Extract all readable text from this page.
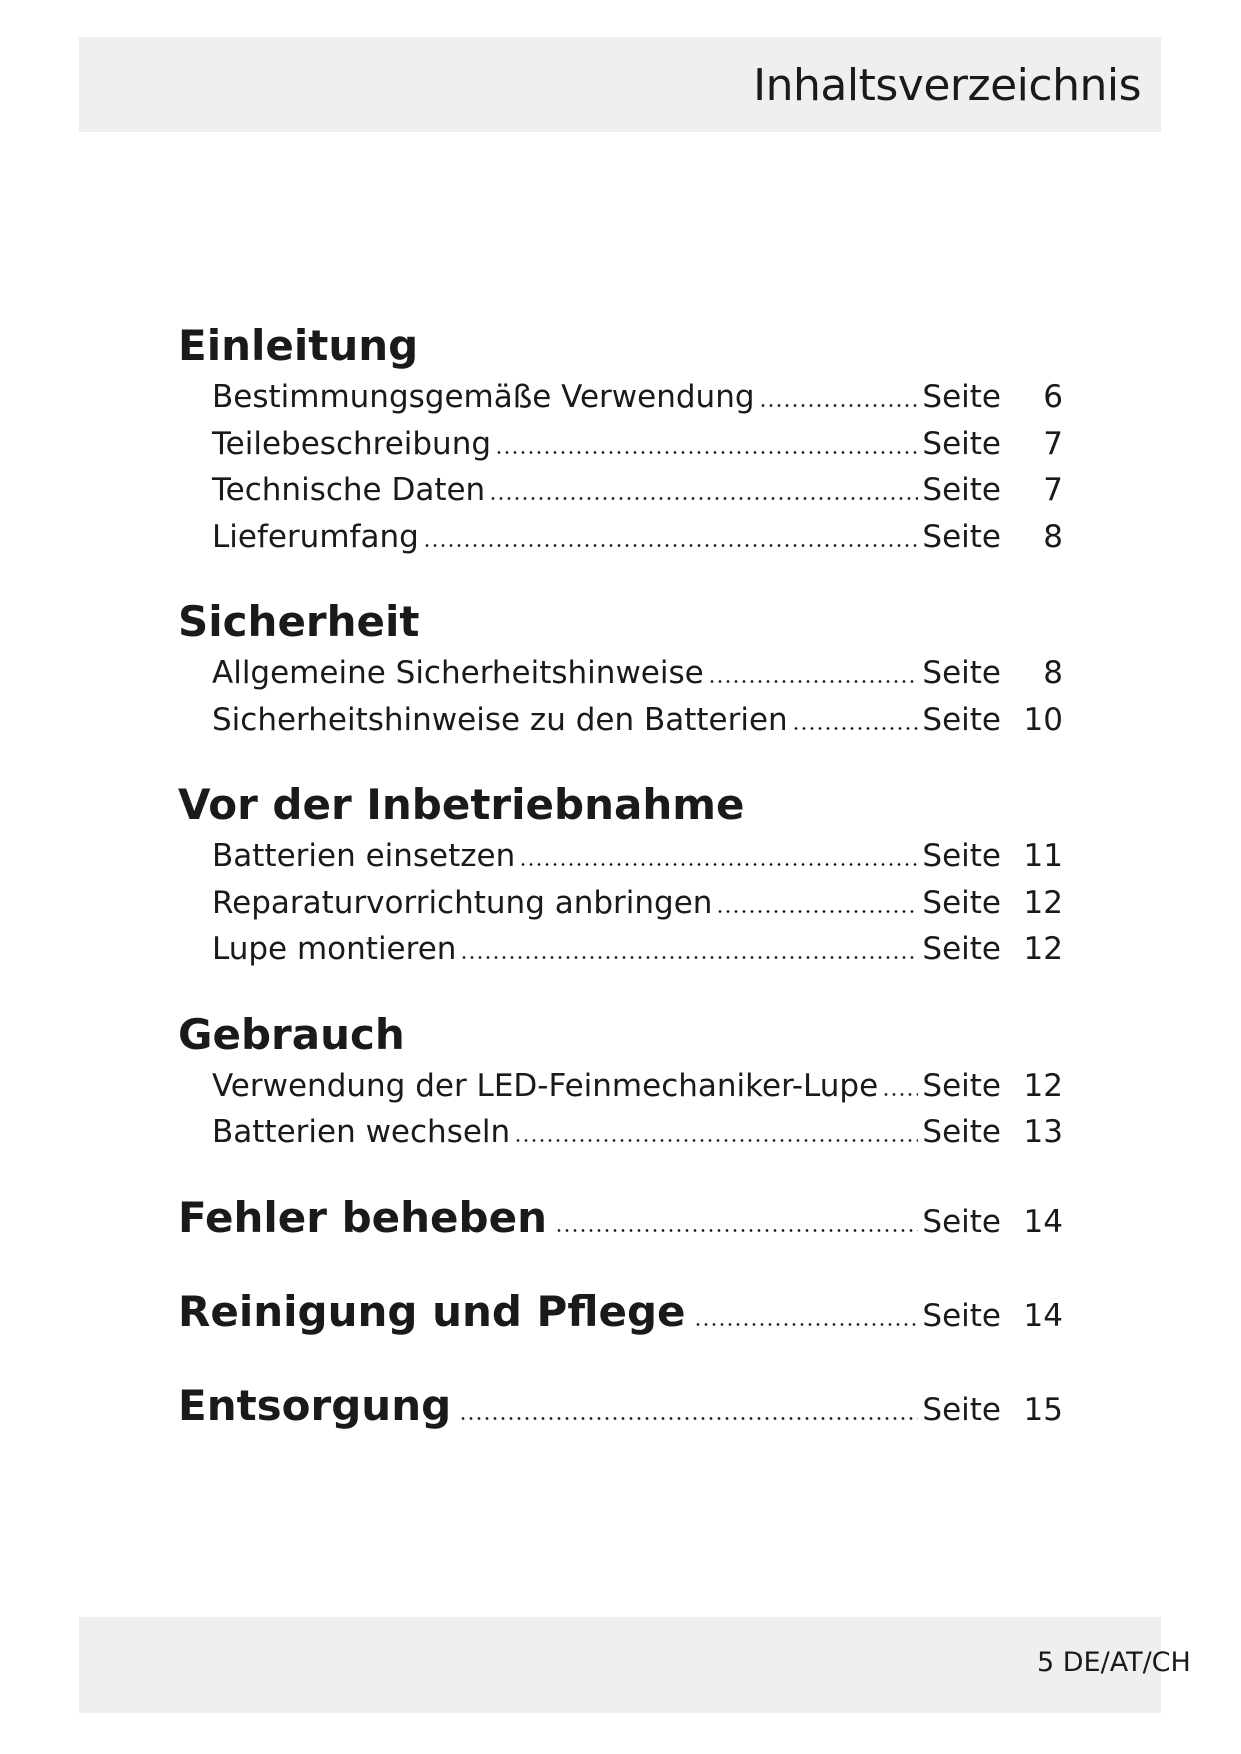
Inhaltsverzeichnis
Einleitung
Bestimmungsgemäße Verwendung	Seite	6
Teilebeschreibung	Seite	7
Technische Daten	Seite	7
Lieferumfang	Seite	8
Sicherheit
Allgemeine Sicherheitshinweise	Seite	8
Sicherheitshinweise zu den Batterien	Seite 10
Vor der Inbetriebnahme
Batterien einsetzen	Seite 11
Reparaturvorrichtung anbringen	Seite 12
Lupe montieren	Seite 12
Gebrauch
Verwendung der LED-Feinmechaniker-Lupe Seite 12
Batterien wechseln	Seite 13
Fehler beheben	Seite 14
Reinigung und Pflege	Seite 14
Entsorgung	Seite 15
5 DE/AT/CH
